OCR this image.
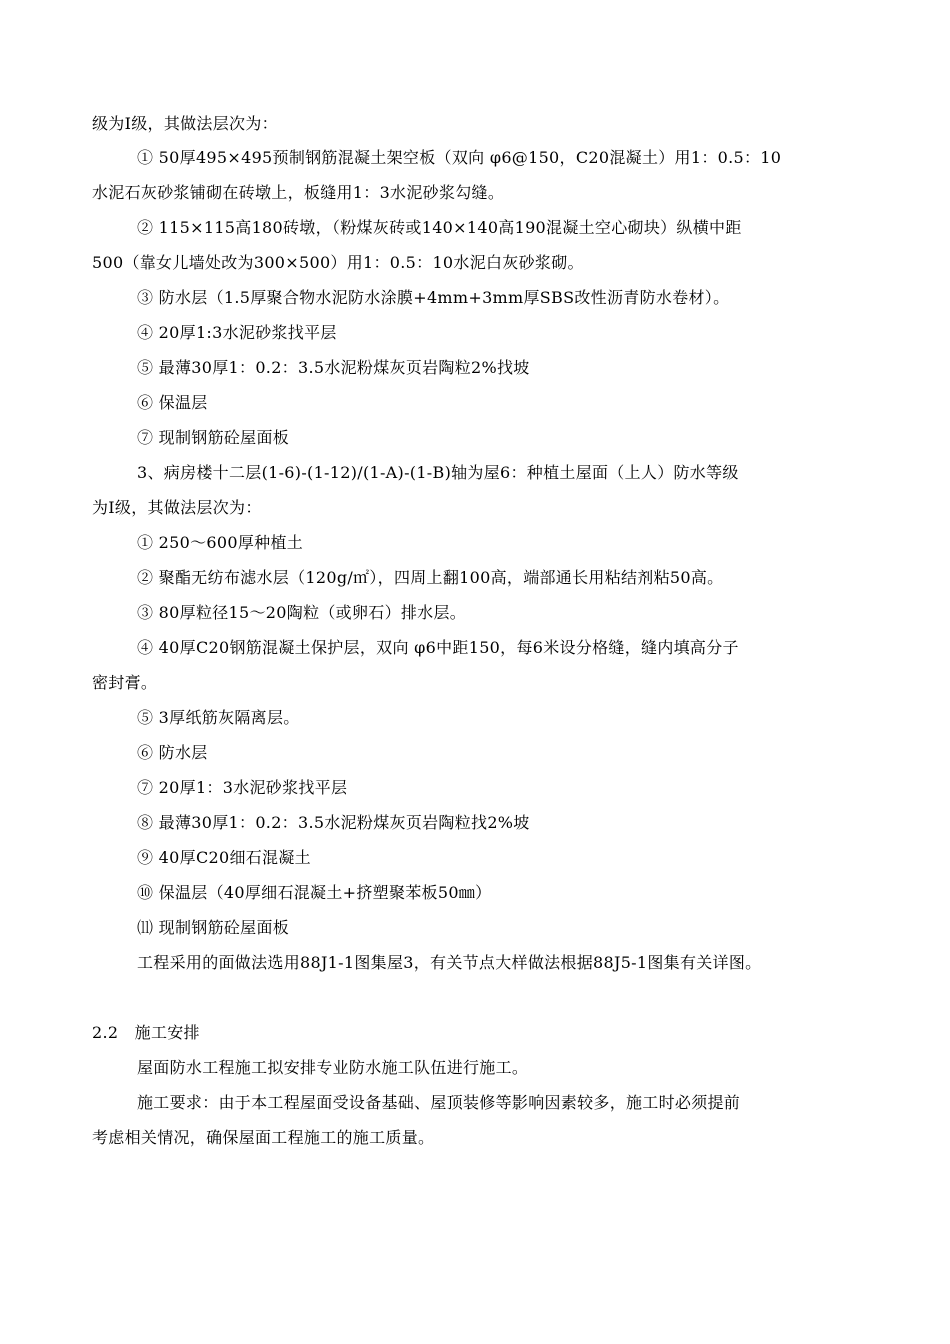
级为Ⅰ级，其做法层次为：
① 50厚495×495预制钢筋混凝土架空板（双向 φ6@150，C20混凝土）用1：0.5：10
水泥石灰砂浆铺砌在砖墩上，板缝用1：3水泥砂浆勾缝。
② 115×115高180砖墩，（粉煤灰砖或140×140高190混凝土空心砌块）纵横中距
500（靠女儿墙处改为300×500）用1：0.5：10水泥白灰砂浆砌。
③ 防水层（1.5厚聚合物水泥防水涂膜+4mm+3mm厚SBS改性沥青防水卷材）。
④ 20厚1:3水泥砂浆找平层
⑤ 最薄30厚1：0.2：3.5水泥粉煤灰页岩陶粒2%找坡
⑥ 保温层
⑦ 现制钢筋砼屋面板
3、病房楼十二层(1-6)-(1-12)/(1-A)-(1-B)轴为屋6：种植土屋面（上人）防水等级
为Ⅰ级，其做法层次为：
① 250～600厚种植土
② 聚酯无纺布滤水层（120g/㎡），四周上翻100高，端部通长用粘结剂粘50高。
③ 80厚粒径15～20陶粒（或卵石）排水层。
④ 40厚C20钢筋混凝土保护层，双向 φ6中距150，每6米设分格缝，缝内填高分子
密封膏。
⑤ 3厚纸筋灰隔离层。
⑥ 防水层
⑦ 20厚1：3水泥砂浆找平层
⑧ 最薄30厚1：0.2：3.5水泥粉煤灰页岩陶粒找2%坡
⑨ 40厚C20细石混凝土
⑩ 保温层（40厚细石混凝土+挤塑聚苯板50㎜）
⑾ 现制钢筋砼屋面板
工程采用的面做法选用88J1-1图集屋3，有关节点大样做法根据88J5-1图集有关详图。
2.2　施工安排
屋面防水工程施工拟安排专业防水施工队伍进行施工。
施工要求：由于本工程屋面受设备基础、屋顶装修等影响因素较多，施工时必须提前
考虑相关情况，确保屋面工程施工的施工质量。
